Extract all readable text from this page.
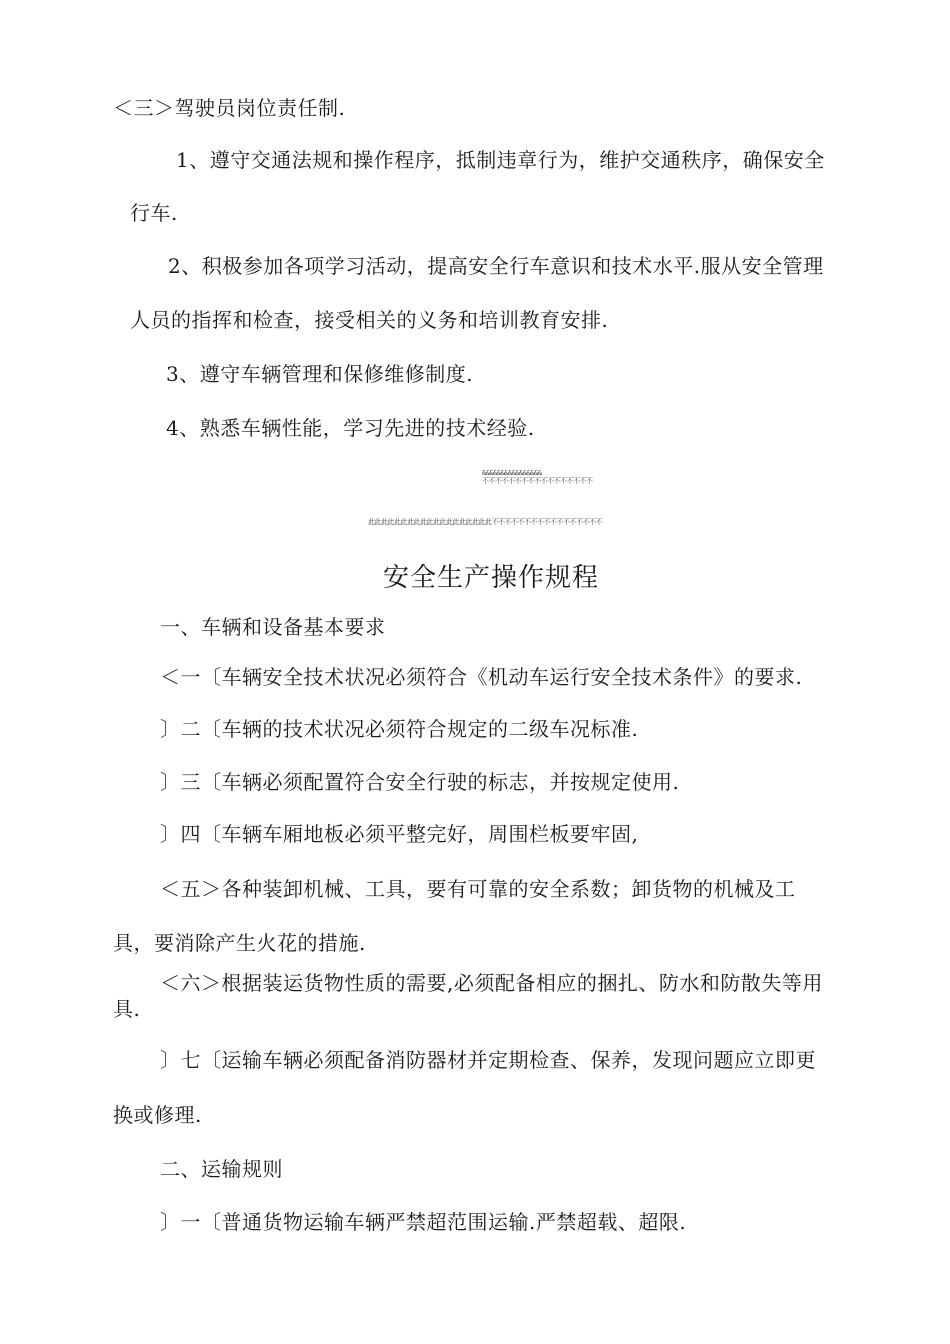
＜三＞驾驶员岗位责任制.
1、遵守交通法规和操作程序，抵制违章行为，维护交通秩序，确保安全
行车.
2、积极参加各项学习活动，提高安全行车意识和技术水平.服从安全管理
人员的指挥和检查，接受相关的义务和培训教育安排.
3、遵守车辆管理和保修维修制度.
4、熟悉车辆性能，学习先进的技术经验.
&&&&&&&&&&&&&&&&
不不不不不不不不不不不不不不不不不
此此此此此此此此此此此此此此此此此此此不不不不不不不不不不不不不不不不不
安全生产操作规程
一、车辆和设备基本要求
＜一〔车辆安全技术状况必须符合《机动车运行安全技术条件》的要求.
〕二〔车辆的技术状况必须符合规定的二级车况标准.
〕三〔车辆必须配置符合安全行驶的标志，并按规定使用.
〕四〔车辆车厢地板必须平整完好，周围栏板要牢固,
＜五＞各种装卸机械、工具，要有可靠的安全系数；卸货物的机械及工
具，要消除产生火花的措施.
＜六＞根据装运货物性质的需要,必须配备相应的捆扎、防水和防散失等用
具.
〕七〔运输车辆必须配备消防器材并定期检查、保养，发现问题应立即更
换或修理.
二、运输规则
〕一〔普通货物运输车辆严禁超范围运输.严禁超载、超限.
